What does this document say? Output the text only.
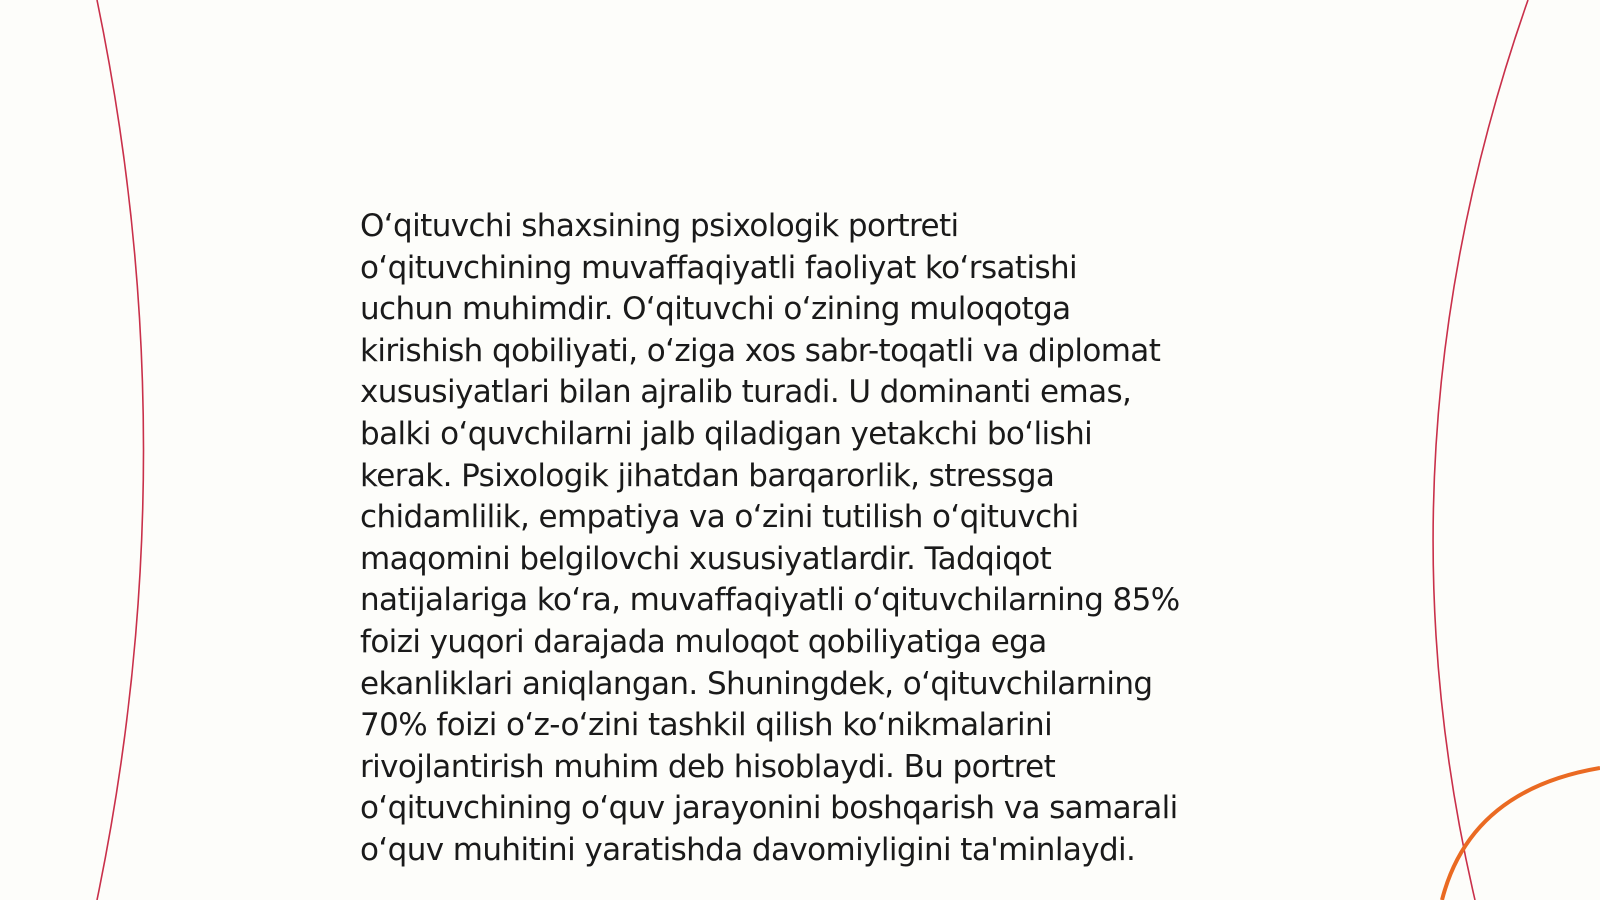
Oʻqituvchi shaxsining psixologik portreti
oʻqituvchining muvaffaqiyatli faoliyat koʻrsatishi
uchun muhimdir. Oʻqituvchi oʻzining muloqotga
kirishish qobiliyati, oʻziga xos sabr-toqatli va diplomat
xususiyatlari bilan ajralib turadi. U dominanti emas,
balki oʻquvchilarni jalb qiladigan yetakchi boʻlishi
kerak. Psixologik jihatdan barqarorlik, stressga
chidamlilik, empatiya va oʻzini tutilish oʻqituvchi
maqomini belgilovchi xususiyatlardir. Tadqiqot
natijalariga koʻra, muvaffaqiyatli oʻqituvchilarning 85%
foizi yuqori darajada muloqot qobiliyatiga ega
ekanliklari aniqlangan. Shuningdek, oʻqituvchilarning
70% foizi oʻz-oʻzini tashkil qilish koʻnikmalarini
rivojlantirish muhim deb hisoblaydi. Bu portret
oʻqituvchining oʻquv jarayonini boshqarish va samarali
oʻquv muhitini yaratishda davomiyligini ta'minlaydi.
